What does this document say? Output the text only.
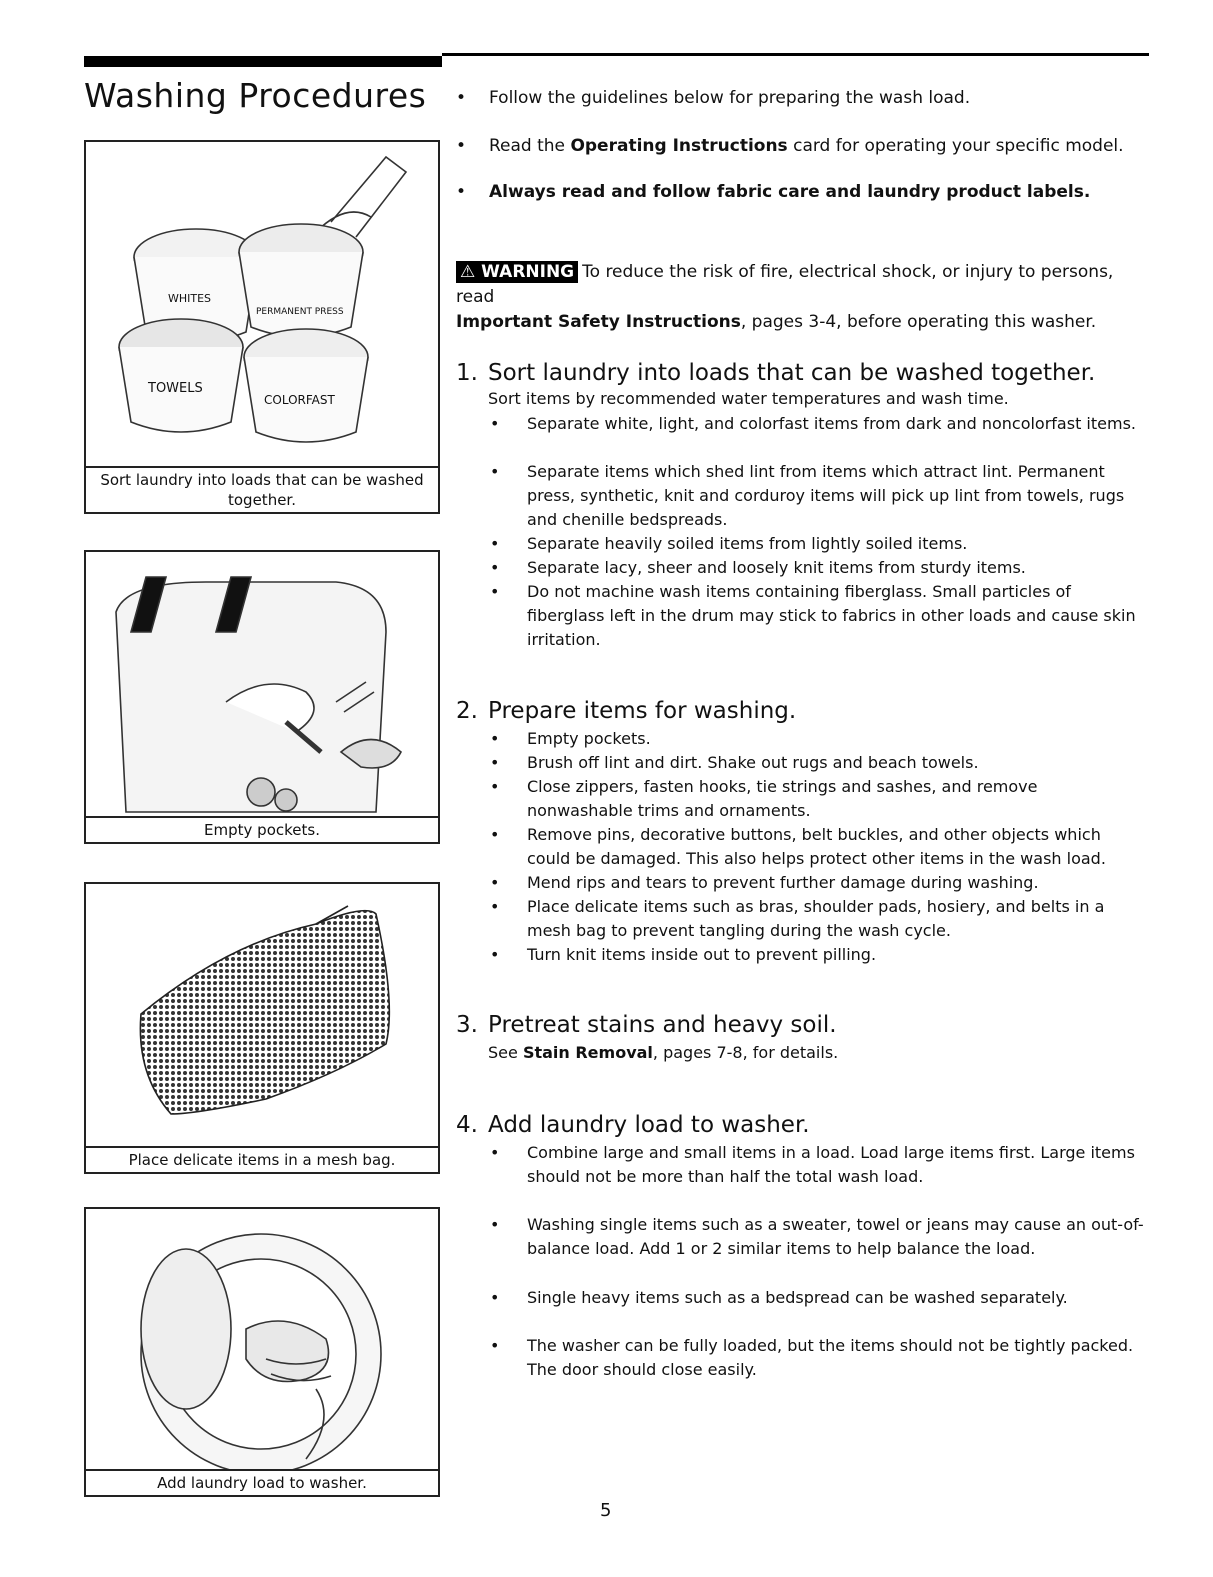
Washing Procedures
WHITES
PERMANENT PRESS
TOWELS
COLORFAST
Sort laundry into loads that can be washed together.
Empty pockets.
Place delicate items in a mesh bag.
Add laundry load to washer.
• Follow the guidelines below for preparing the wash load.
• Read the Operating Instructions card for operating your specific model.
• Always read and follow fabric care and laundry product labels.
⚠ WARNING To reduce the risk of fire, electrical shock, or injury to persons, read
Important Safety Instructions, pages 3-4, before operating this washer.
1. Sort laundry into loads that can be washed together.
Sort items by recommended water temperatures and wash time.
• Separate white, light, and colorfast items from dark and noncolorfast items.
• Separate items which shed lint from items which attract lint. Permanent press, synthetic, knit and corduroy items will pick up lint from towels, rugs and chenille bedspreads.
• Separate heavily soiled items from lightly soiled items.
• Separate lacy, sheer and loosely knit items from sturdy items.
• Do not machine wash items containing fiberglass. Small particles of fiberglass left in the drum may stick to fabrics in other loads and cause skin irritation.
2. Prepare items for washing.
• Empty pockets.
• Brush off lint and dirt. Shake out rugs and beach towels.
• Close zippers, fasten hooks, tie strings and sashes, and remove nonwashable trims and ornaments.
• Remove pins, decorative buttons, belt buckles, and other objects which could be damaged. This also helps protect other items in the wash load.
• Mend rips and tears to prevent further damage during washing.
• Place delicate items such as bras, shoulder pads, hosiery, and belts in a mesh bag to prevent tangling during the wash cycle.
• Turn knit items inside out to prevent pilling.
3. Pretreat stains and heavy soil.
See Stain Removal, pages 7-8, for details.
4. Add laundry load to washer.
• Combine large and small items in a load. Load large items first. Large items should not be more than half the total wash load.
• Washing single items such as a sweater, towel or jeans may cause an out-of-balance load. Add 1 or 2 similar items to help balance the load.
• Single heavy items such as a bedspread can be washed separately.
• The washer can be fully loaded, but the items should not be tightly packed. The door should close easily.
5
